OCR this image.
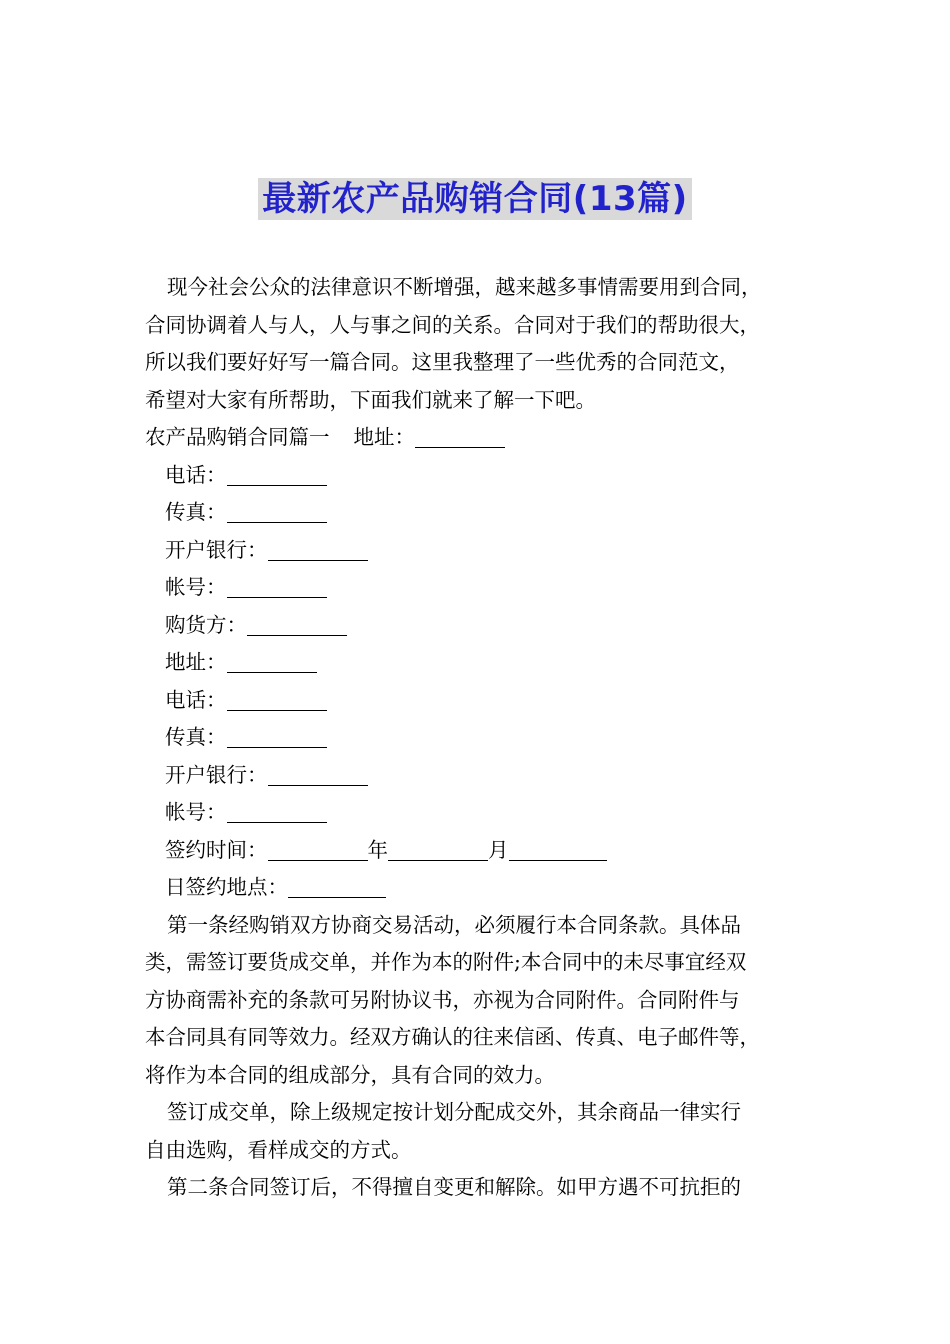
最新农产品购销合同(13篇)
现今社会公众的法律意识不断增强，越来越多事情需要用到合同，
合同协调着人与人，人与事之间的关系。合同对于我们的帮助很大，
所以我们要好好写一篇合同。这里我整理了一些优秀的合同范文，
希望对大家有所帮助，下面我们就来了解一下吧。
农产品购销合同篇一 地址：
电话：
传真：
开户银行：
帐号：
购货方：
地址：
电话：
传真：
开户银行：
帐号：
签约时间：	年	月
日签约地点：
第一条经购销双方协商交易活动，必须履行本合同条款。具体品
类，需签订要货成交单，并作为本的附件;本合同中的未尽事宜经双
方协商需补充的条款可另附协议书，亦视为合同附件。合同附件与
本合同具有同等效力。经双方确认的往来信函、传真、电子邮件等，
将作为本合同的组成部分，具有合同的效力。
签订成交单，除上级规定按计划分配成交外，其余商品一律实行
自由选购，看样成交的方式。
第二条合同签订后，不得擅自变更和解除。如甲方遇不可抗拒的
